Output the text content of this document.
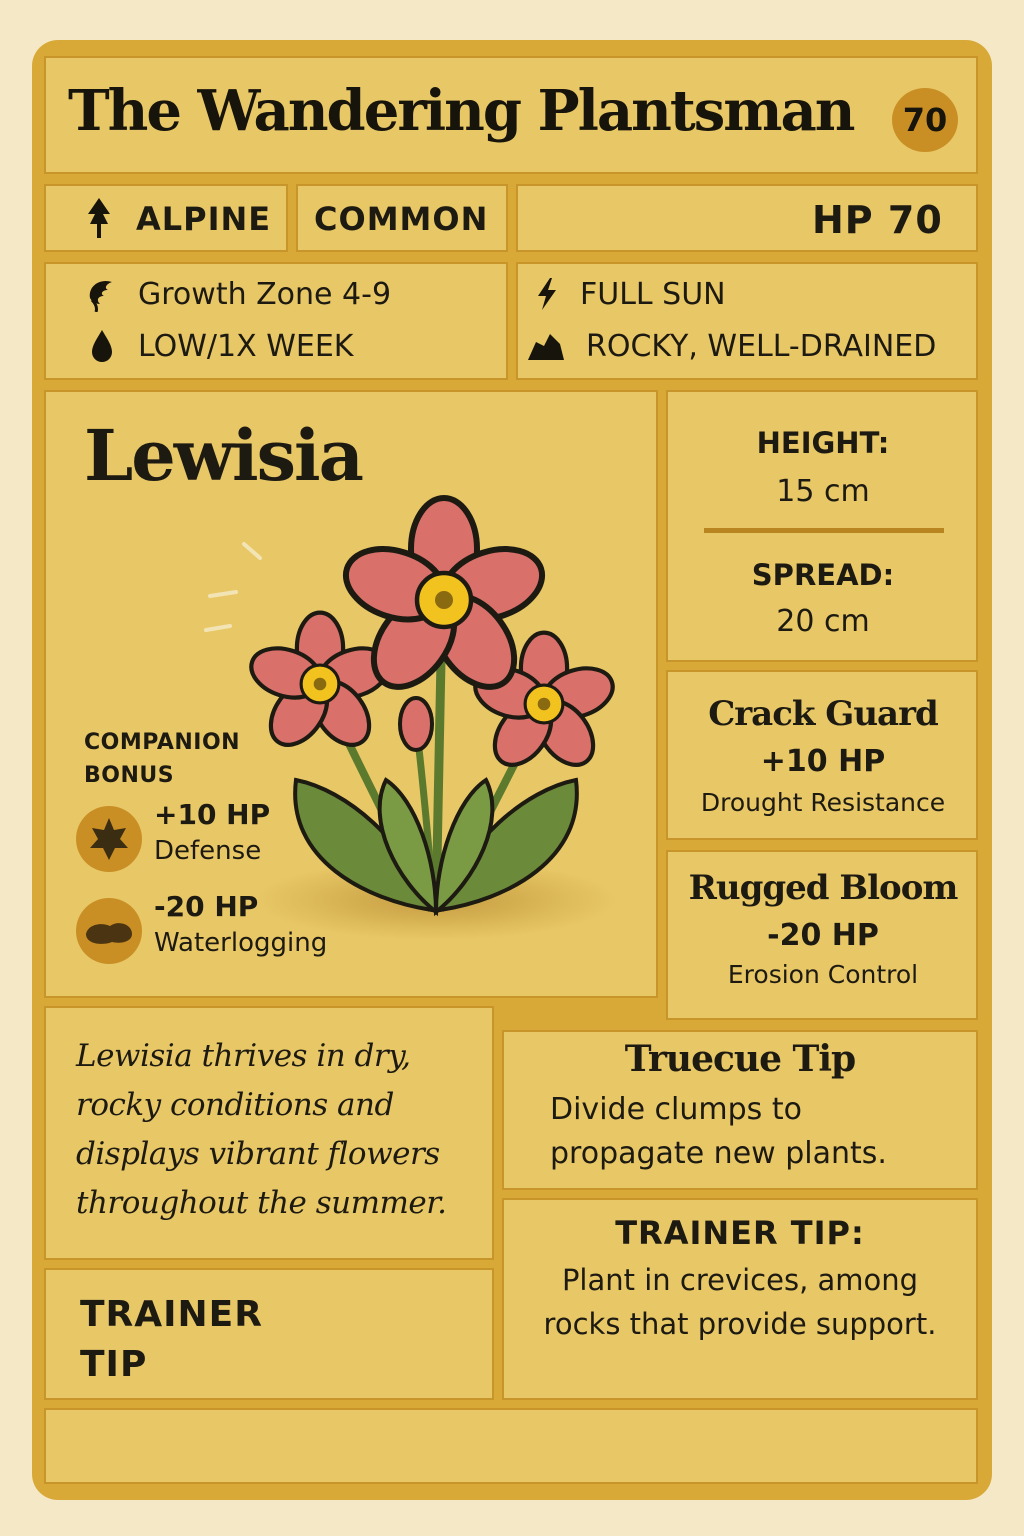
The Wandering Plantsman	70
ALPINE COMMON	HP 70
Growth Zone 4-9
LOW/1X WEEK
FULL SUN
ROCKY, WELL-DRAINED
Lewisia
COMPANION
BONUS
+10 HP
Defense
-20 HP
Waterlogging
HEIGHT:
15 cm
SPREAD:
20 cm
Crack Guard
+10 HP
Drought Resistance
Rugged Bloom
-20 HP
Erosion Control
Lewisia thrives in dry, rocky conditions and displays vibrant flowers throughout the summer.
Truecue Tip
Divide clumps to
propagate new plants.
TRAINER TIP:
Plant in crevices, among
rocks that provide support.
TRAINER
TIP
